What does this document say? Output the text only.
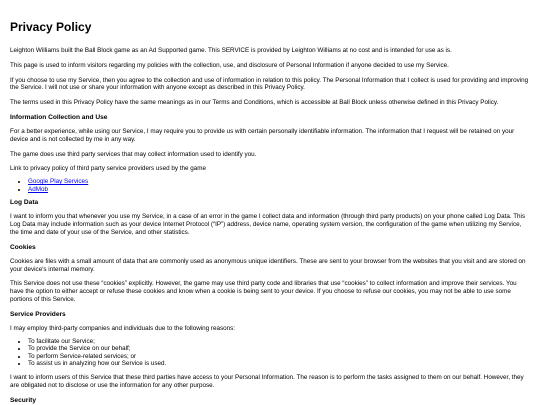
Privacy Policy

Leighton Williams built the Ball Block game as an Ad Supported game. This SERVICE is provided by Leighton Williams at no cost and is intended for use as is.

This page is used to inform visitors regarding my policies with the collection, use, and disclosure of Personal Information if anyone decided to use my Service.

If you choose to use my Service, then you agree to the collection and use of information in relation to this policy. The Personal Information that I collect is used for providing and improving the Service. I will not use or share your information with anyone except as described in this Privacy Policy.

The terms used in this Privacy Policy have the same meanings as in our Terms and Conditions, which is accessible at Ball Block unless otherwise defined in this Privacy Policy.

Information Collection and Use

For a better experience, while using our Service, I may require you to provide us with certain personally identifiable information. The information that I request will be retained on your device and is not collected by me in any way.

The game does use third party services that may collect information used to identify you.

Link to privacy policy of third party service providers used by the game

• Google Play Services
• AdMob
Log Data

I want to inform you that whenever you use my Service, in a case of an error in the game I collect data and information (through third party products) on your phone called Log Data. This Log Data may include information such as your device Internet Protocol (“IP”) address, device name, operating system version, the configuration of the game when utilizing my Service, the time and date of your use of the Service, and other statistics.

Cookies

Cookies are files with a small amount of data that are commonly used as anonymous unique identifiers. These are sent to your browser from the websites that you visit and are stored on your device's internal memory.

This Service does not use these “cookies” explicitly. However, the game may use third party code and libraries that use “cookies” to collect information and improve their services. You have the option to either accept or refuse these cookies and know when a cookie is being sent to your device. If you choose to refuse our cookies, you may not be able to use some portions of this Service.

Service Providers

I may employ third-party companies and individuals due to the following reasons:

• To facilitate our Service;
• To provide the Service on our behalf;
• To perform Service-related services; or
• To assist us in analyzing how our Service is used.

I want to inform users of this Service that these third parties have access to your Personal Information. The reason is to perform the tasks assigned to them on our behalf. However, they are obligated not to disclose or use the information for any other purpose.

Security
